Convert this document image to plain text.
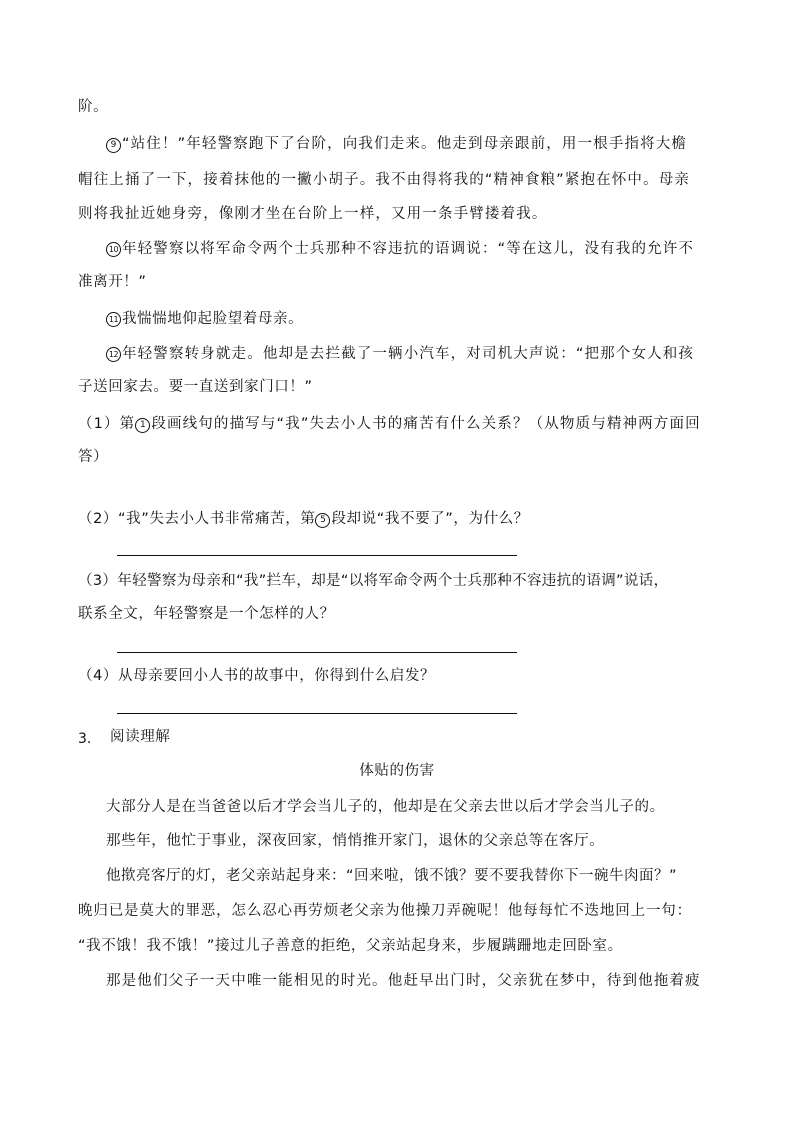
阶。
9 “站住！”年轻警察跑下了台阶，向我们走来。他走到母亲跟前，用一根手指将大檐
帽往上捅了一下，接着抹他的一撇小胡子。我不由得将我的“精神食粮”紧抱在怀中。母亲
则将我扯近她身旁，像刚才坐在台阶上一样，又用一条手臂搂着我。
10 年轻警察以将军命令两个士兵那种不容违抗的语调说：“等在这儿，没有我的允许不
准离开！”
11 我惴惴地仰起脸望着母亲。
12 年轻警察转身就走。他却是去拦截了一辆小汽车，对司机大声说：“把那个女人和孩
子送回家去。要一直送到家门口！”
（1）第 1 段画线句的描写与“我”失去小人书的痛苦有什么关系？（从物质与精神两方面回
答）
（2）“我”失去小人书非常痛苦，第 5 段却说“我不要了”，为什么？
（3）年轻警察为母亲和“我”拦车，却是“以将军命令两个士兵那种不容违抗的语调”说话，
联系全文，年轻警察是一个怎样的人？
（4）从母亲要回小人书的故事中，你得到什么启发？
3. 阅读理解
体贴的伤害
大部分人是在当爸爸以后才学会当儿子的，他却是在父亲去世以后才学会当儿子的。
那些年，他忙于事业，深夜回家，悄悄推开家门，退休的父亲总等在客厅。
他揿亮客厅的灯，老父亲站起身来：“回来啦，饿不饿？要不要我替你下一碗牛肉面？”
晚归已是莫大的罪恶，怎么忍心再劳烦老父亲为他操刀弄碗呢！他每每忙不迭地回上一句：
“我不饿！我不饿！”接过儿子善意的拒绝，父亲站起身来，步履蹒跚地走回卧室。
那是他们父子一天中唯一能相见的时光。他赶早出门时，父亲犹在梦中，待到他拖着疲
